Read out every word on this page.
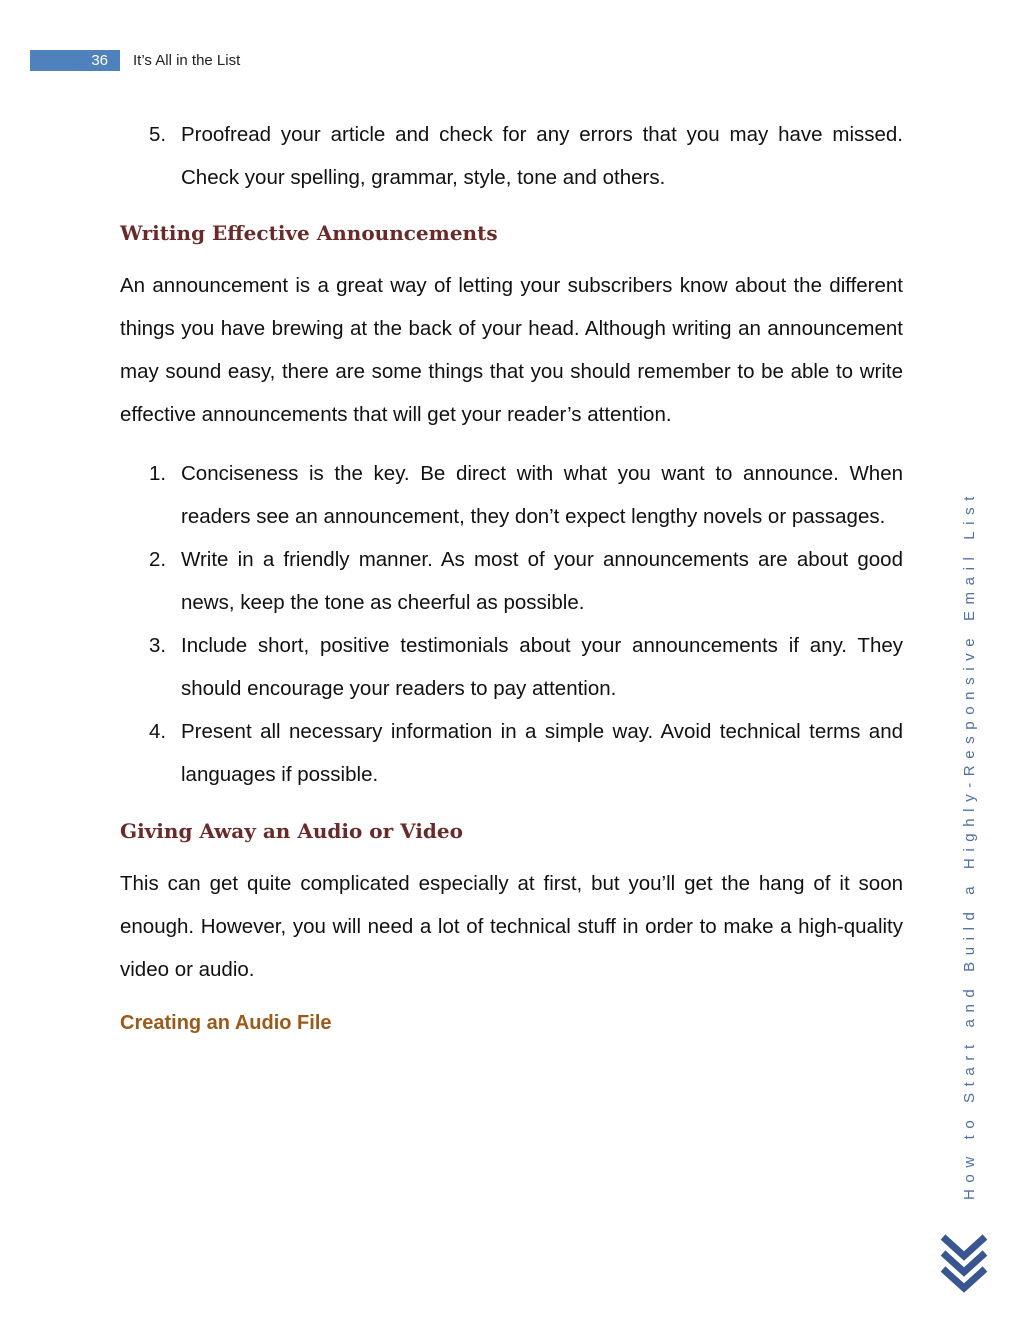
36 It’s All in the List
5. Proofread your article and check for any errors that you may have missed. Check your spelling, grammar, style, tone and others.
Writing Effective Announcements

An announcement is a great way of letting your subscribers know about the different things you have brewing at the back of your head. Although writing an announcement may sound easy, there are some things that you should remember to be able to write effective announcements that will get your reader’s attention.

1. Conciseness is the key. Be direct with what you want to announce. When readers see an announcement, they don’t expect lengthy novels or passages.
2. Write in a friendly manner. As most of your announcements are about good news, keep the tone as cheerful as possible.
3. Include short, positive testimonials about your announcements if any. They should encourage your readers to pay attention.
4. Present all necessary information in a simple way. Avoid technical terms and languages if possible.
Giving Away an Audio or Video

This can get quite complicated especially at first, but you’ll get the hang of it soon enough. However, you will need a lot of technical stuff in order to make a high-quality video or audio.

Creating an Audio File	How to Start and Build a Highly-Responsive Email List
